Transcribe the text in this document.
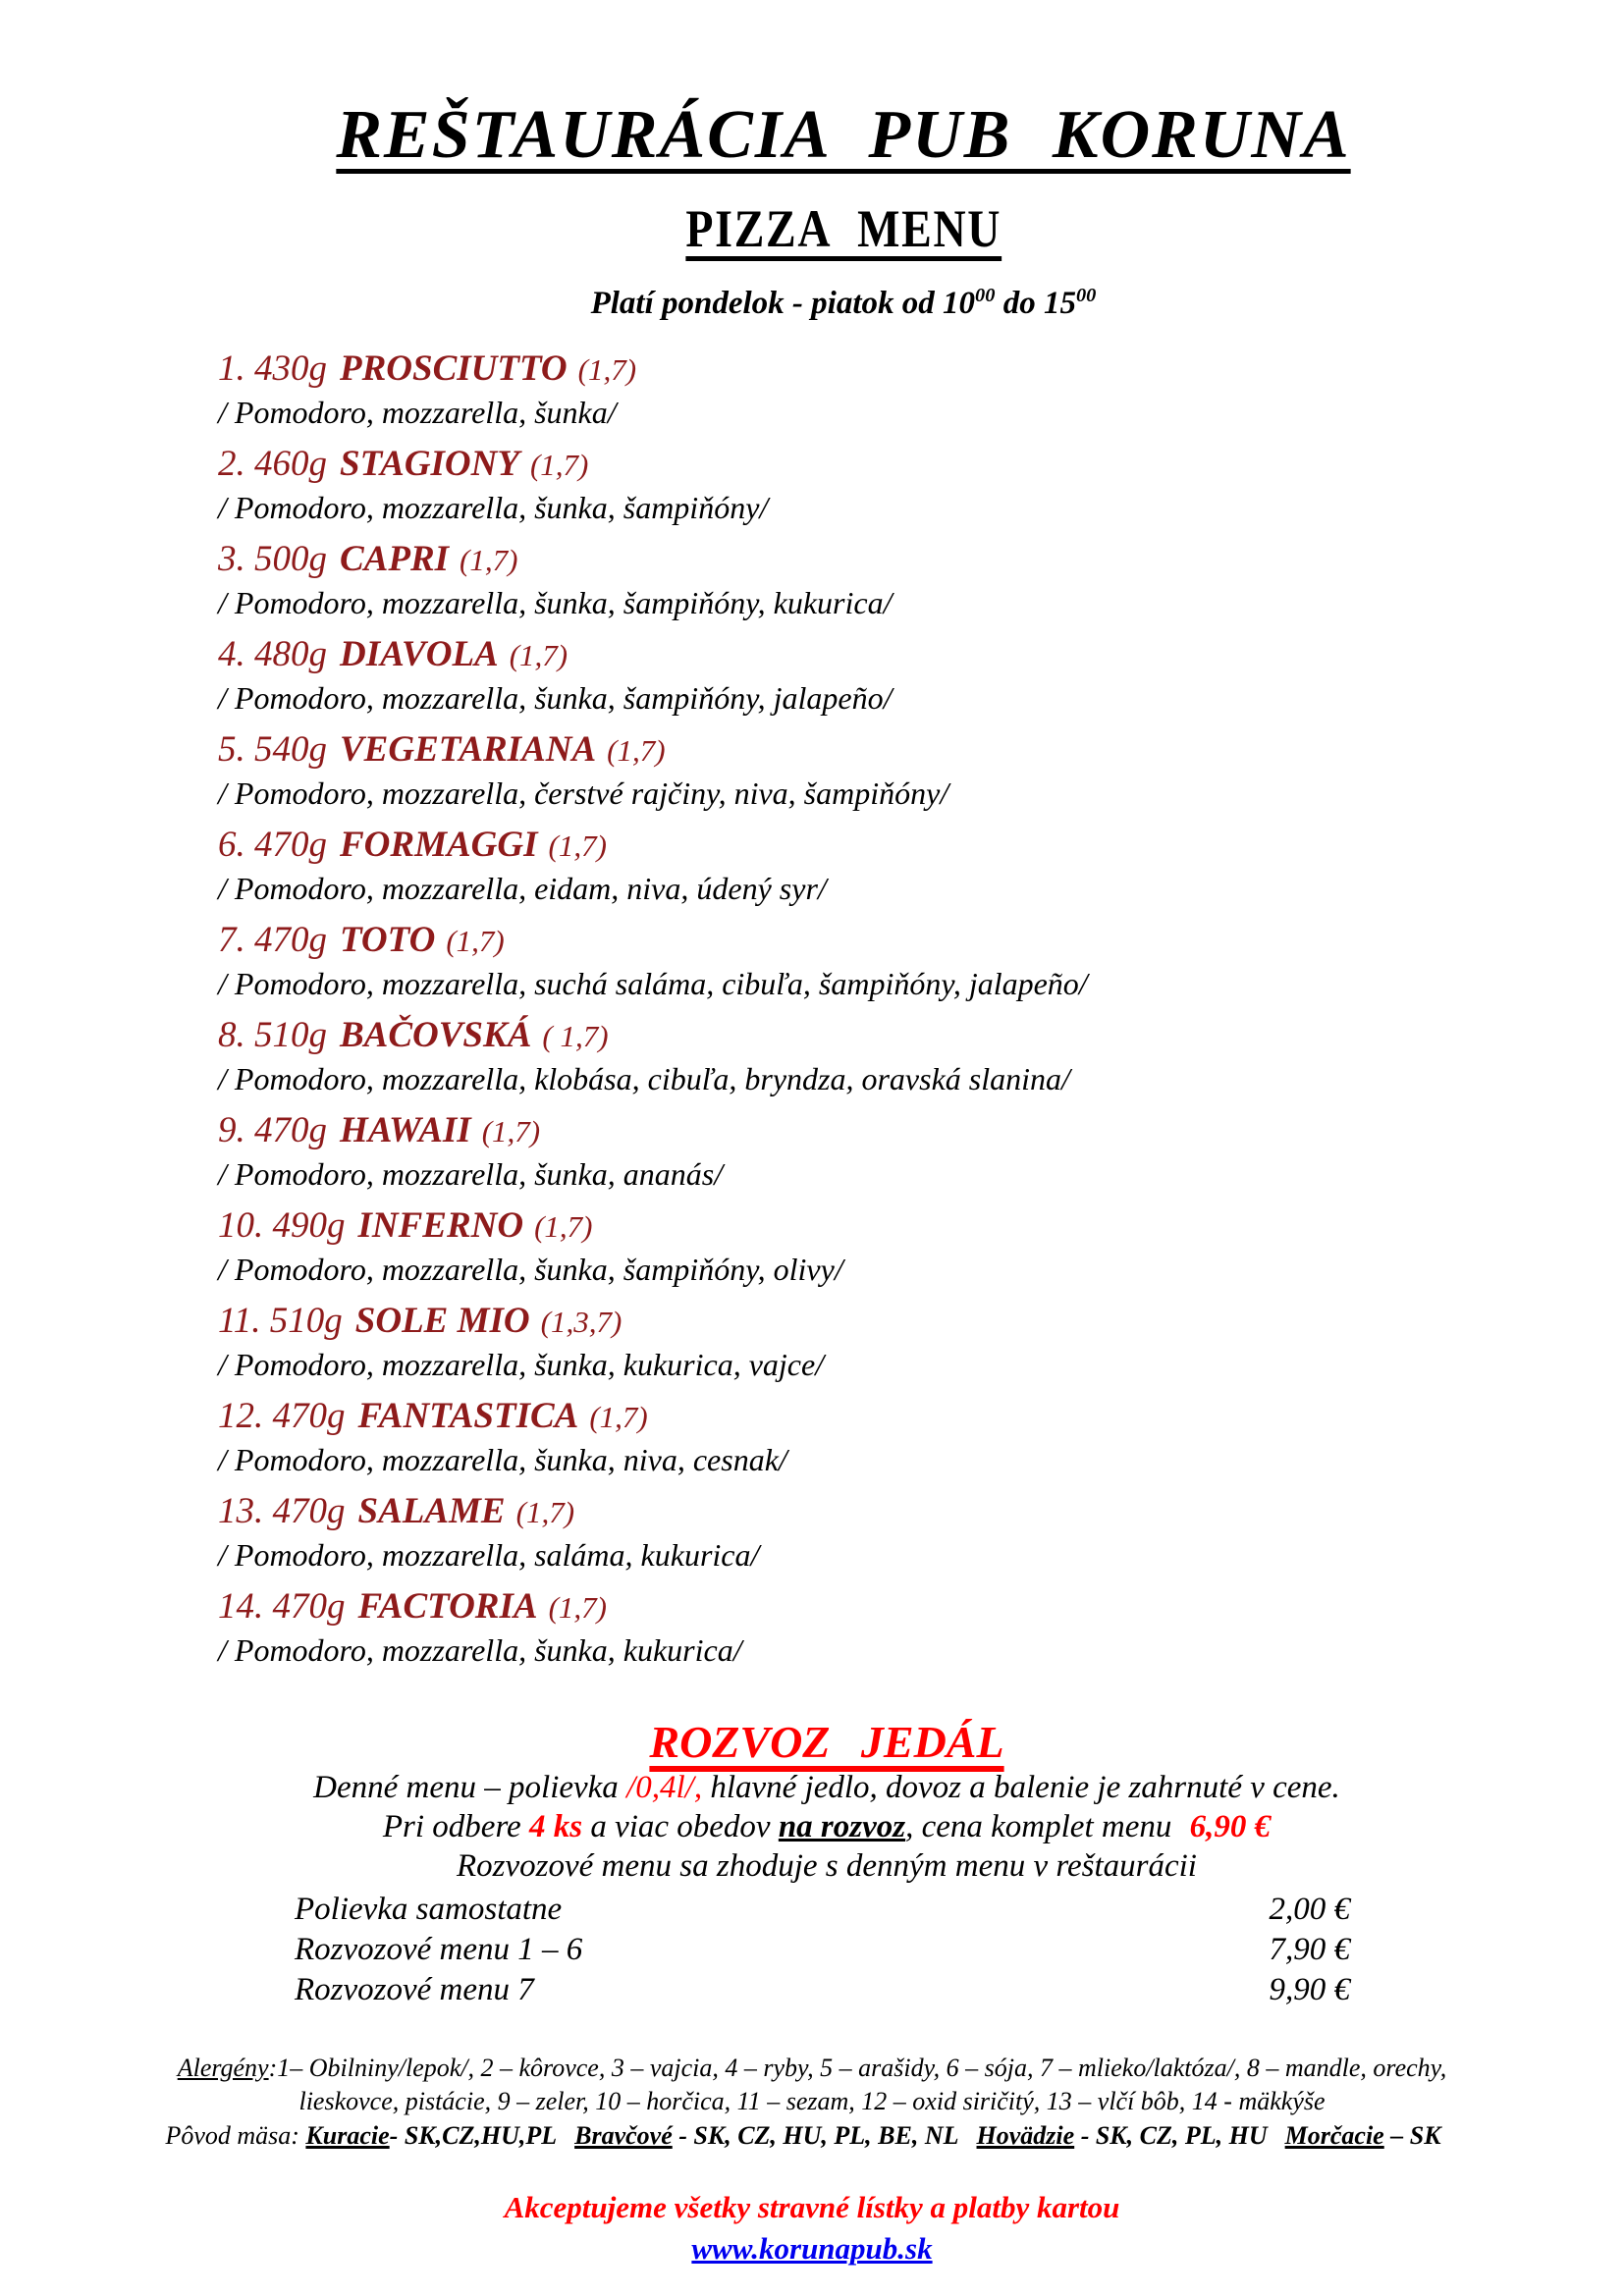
REŠTAURÁCIA PUB KORUNA
PIZZA MENU
Platí pondelok - piatok od $10^{00}$ do $15^{00}$
1. 430g PROSCIUTTO (1,7)
/ Pomodoro, mozzarella, šunka/
2. 460g STAGIONY (1,7)
/ Pomodoro, mozzarella, šunka, šampiňóny/
3. 500g CAPRI (1,7)
/ Pomodoro, mozzarella, šunka, šampiňóny, kukurica/
4. 480g DIAVOLA (1,7)
/ Pomodoro, mozzarella, šunka, šampiňóny, jalapeño/
5. 540g VEGETARIANA (1,7)
/ Pomodoro, mozzarella, čerstvé rajčiny, niva, šampiňóny/
6. 470g FORMAGGI (1,7)
/ Pomodoro, mozzarella, eidam, niva, údený syr/
7. 470g TOTO (1,7)
/ Pomodoro, mozzarella, suchá saláma, cibuľa, šampiňóny, jalapeño/
8. 510g BAČOVSKÁ ( 1,7)
/ Pomodoro, mozzarella, klobása, cibuľa, bryndza, oravská slanina/
9. 470g HAWAII (1,7)
/ Pomodoro, mozzarella, šunka, ananás/
10. 490g INFERNO (1,7)
/ Pomodoro, mozzarella, šunka, šampiňóny, olivy/
11. 510g SOLE MIO (1,3,7)
/ Pomodoro, mozzarella, šunka, kukurica, vajce/
12. 470g FANTASTICA (1,7)
/ Pomodoro, mozzarella, šunka, niva, cesnak/
13. 470g SALAME (1,7)
/ Pomodoro, mozzarella, saláma, kukurica/
14. 470g FACTORIA (1,7)
/ Pomodoro, mozzarella, šunka, kukurica/
ROZVOZ JEDÁL
Denné menu – polievka /0,4l/, hlavné jedlo, dovoz a balenie je zahrnuté v cene.
Pri odbere 4 ks a viac obedov na rozvoz, cena komplet menu 6,90 €
Rozvozové menu sa zhoduje s denným menu v reštaurácii
Polievka samostatne	2,00 €
Rozvozové menu 1 – 6	7,90 €
Rozvozové menu 7	9,90 €
Alergény:1– Obilniny/lepok/, 2 – kôrovce, 3 – vajcia, 4 – ryby, 5 – arašidy, 6 – sója, 7 – mlieko/laktóza/, 8 – mandle, orechy,
lieskovce, pistácie, 9 – zeler, 10 – horčica, 11 – sezam, 12 – oxid siričitý, 13 – vlčí bôb, 14 - mäkkýše
Pôvod mäsa: Kuracie- SK,CZ,HU,PL Bravčové - SK, CZ, HU, PL, BE, NL Hovädzie - SK, CZ, PL, HU Morčacie – SK
Akceptujeme všetky stravné lístky a platby kartou
www.korunapub.sk
